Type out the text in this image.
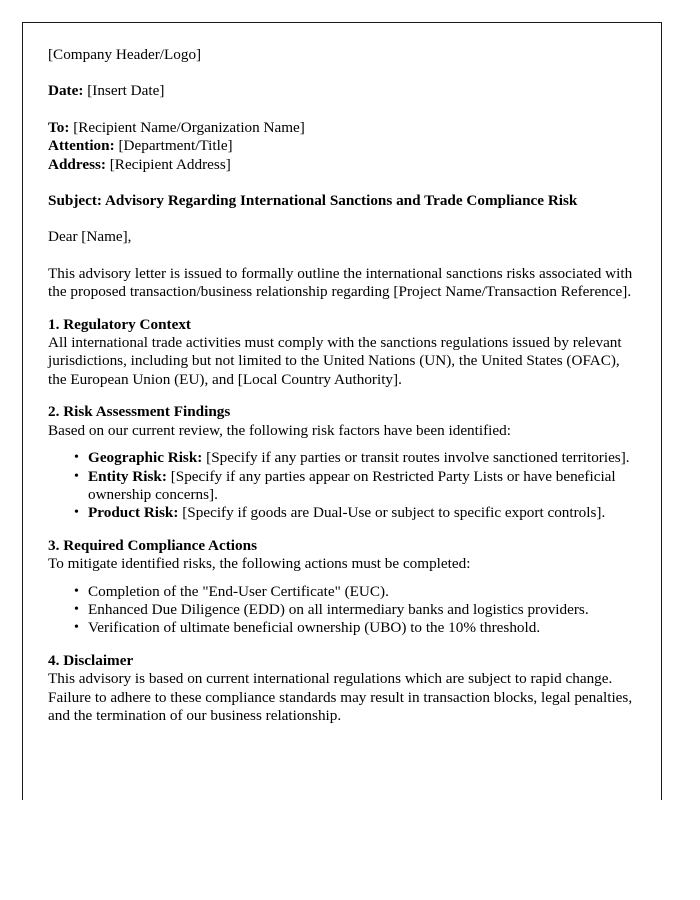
[Company Header/Logo]

Date: [Insert Date]

To: [Recipient Name/Organization Name]

Attention: [Department/Title]

Address: [Recipient Address]

Subject: Advisory Regarding International Sanctions and Trade Compliance Risk

Dear [Name],

This advisory letter is issued to formally outline the international sanctions risks associated with the proposed transaction/business relationship regarding [Project Name/Transaction Reference].

1. Regulatory Context

All international trade activities must comply with the sanctions regulations issued by relevant jurisdictions, including but not limited to the United Nations (UN), the United States (OFAC), the European Union (EU), and [Local Country Authority].

2. Risk Assessment Findings

Based on our current review, the following risk factors have been identified:

• Geographic Risk: [Specify if any parties or transit routes involve sanctioned territories].
• Entity Risk: [Specify if any parties appear on Restricted Party Lists or have beneficial ownership concerns].
• Product Risk: [Specify if goods are Dual-Use or subject to specific export controls].

3. Required Compliance Actions

To mitigate identified risks, the following actions must be completed:

• Completion of the "End-User Certificate" (EUC).
• Enhanced Due Diligence (EDD) on all intermediary banks and logistics providers.
• Verification of ultimate beneficial ownership (UBO) to the 10% threshold.

4. Disclaimer

This advisory is based on current international regulations which are subject to rapid change. Failure to adhere to these compliance standards may result in transaction blocks, legal penalties, and the termination of our business relationship.
